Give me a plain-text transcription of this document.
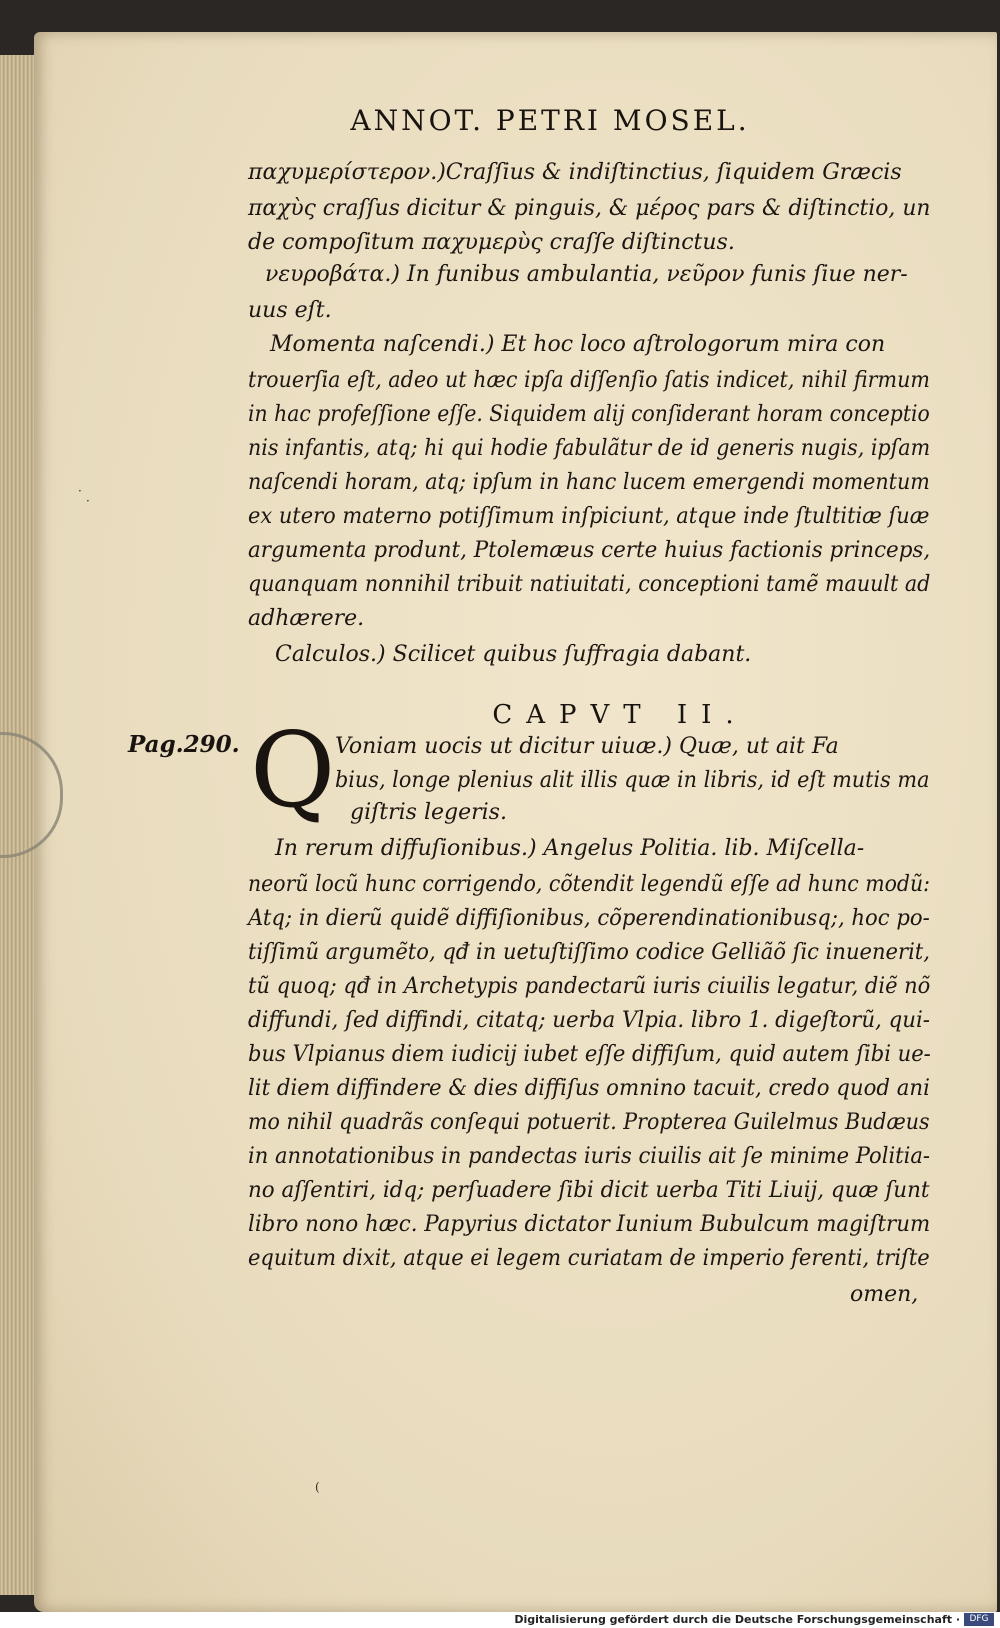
ANNOT. PETRI MOSEL.
παχυμερίστερον.)Craſſius & indiſtinctius, ſiquidem Græcis
παχὺς craſſus dicitur & pinguis, & μέρος pars & diſtinctio, un
de compoſitum παχυμερὺς craſſe diſtinctus.
νευροβάτα.) In funibus ambulantia, νεῦρον funis ſiue ner-
uus eſt.
Momenta naſcendi.) Et hoc loco aſtrologorum mira con
trouerſia eſt, adeo ut hæc ipſa diſſenſio ſatis indicet, nihil firmum
in hac profeſſione eſſe. Siquidem alij conſiderant horam conceptio
nis infantis, atq; hi qui hodie fabulãtur de id generis nugis, ipſam
naſcendi horam, atq; ipſum in hanc lucem emergendi momentum
ex utero materno potiſſimum inſpiciunt, atque inde ſtultitiæ ſuæ
argumenta produnt, Ptolemæus certe huius factionis princeps,
quanquam nonnihil tribuit natiuitati, conceptioni tamẽ mauult ad
adhærere.
Calculos.) Scilicet quibus ſuffragia dabant.
CAPVT II.
Pag.290. Q Voniam uocis ut dicitur uiuæ.) Quæ, ut ait Fa
bius, longe plenius alit illis quæ in libris, id eſt mutis ma
giſtris legeris.
In rerum diffuſionibus.) Angelus Politia. lib. Miſcella-
neorũ locũ hunc corrigendo, cõtendit legendũ eſſe ad hunc modũ:
Atq; in dierũ quidẽ diffiſionibus, cõperendinationibusq;, hoc po-
tiſſimũ argumẽto, qđ in uetuſtiſſimo codice Gelliãõ ſic inuenerit,
tũ quoq; qđ in Archetypis pandectarũ iuris ciuilis legatur, diẽ nõ
diffundi, ſed diffindi, citatq; uerba Vlpia. libro 1. digeſtorũ, qui-
bus Vlpianus diem iudicij iubet eſſe diffiſum, quid autem ſibi ue-
lit diem diffindere & dies diffiſus omnino tacuit, credo quod ani
mo nihil quadrãs conſequi potuerit. Propterea Guilelmus Budæus
in annotationibus in pandectas iuris ciuilis ait ſe minime Politia-
no aſſentiri, idq; perſuadere ſibi dicit uerba Titi Liuij, quæ ſunt
libro nono hæc. Papyrius dictator Iunium Bubulcum magiſtrum
equitum dixit, atque ei legem curiatam de imperio ferenti, triſte
omen,
·
·
(
Digitalisierung gefördert durch die Deutsche Forschungsgemeinschaft ·	DFG
